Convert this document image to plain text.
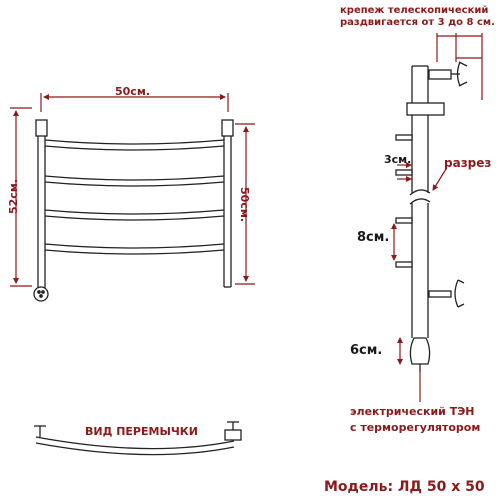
50см.
52см.	50см.
крепеж телескопический
раздвигается от 3 до 8 см.
3см.	разрез
8см.
6см.
электрический ТЭН
с терморегулятором
ВИД ПЕРЕМЫЧКИ
Модель: ЛД 50 х 50
